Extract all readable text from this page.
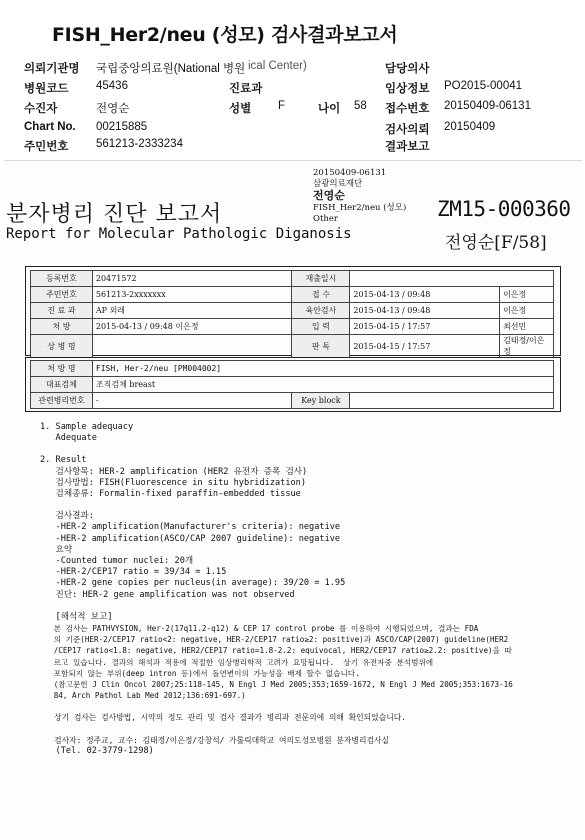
FISH_Her2/neu (성모) 검사결과보고서
의뢰기관명 국립중앙의료원(National 병원 ical Center)	담당의사
병원코드 45436	진료과	임상정보 PO2015-00041
수진자	전영순	성별 F	나이 58 접수번호 20150409-06131
Chart No. 00215885	검사의뢰 20150409
주민번호 561213-2333234	결과보고
20150409-06131
삼광의료재단
전영순
FISH_Her2/neu (성모)
Other
분자병리 진단 보고서
Report for Molecular Pathologic Diganosis
ZM15-000360
전영순[F/58]
등록번호	20471572	재출일시		
주민번호	561213-2xxxxxxx	접 수	2015-04-13 / 09:48	이은정
진 료 과	AP 외래	육안검사	2015-04-13 / 09:48	이은정
처 방	2015-04-13 / 09:48 이은정	입 력	2015-04-15 / 17:57	최선민
상 병 명		판 독	2015-04-15 / 17:57	김태정/이은정
처 방 명	FISH, Her-2/neu [PM004002]		
대표검체	조직검체 breast		
관련병리번호	-	Key block	
1. Sample adequacy
Adequate
2. Result
검사항목: HER-2 amplification (HER2 유전자 증폭 검사)
검사방법: FISH(Fluorescence in situ hybridization)
검체종류: Formalin-fixed paraffin-embedded tissue
검사결과:
-HER-2 amplification(Manufacturer's criteria): negative
-HER-2 amplification(ASCO/CAP 2007 guideline): negative
요약
-Counted tumor nuclei: 20개
-HER-2/CEP17 ratio = 39/34 = 1.15
-HER-2 gene copies per nucleus(in average): 39/20 = 1.95
진단: HER-2 gene amplification was not observed
[해석적 보고]
본 검사는 PATHVYSION, Her-2(17q11.2-q12) & CEP 17 control probe 를 이용하여 시행되었으며, 결과는 FDA
의 기준(HER-2/CEP17 ratio<2: negative, HER-2/CEP17 ratio≥2: positive)과 ASCO/CAP(2007) guideline(HER2
/CEP17 ratio<1.8: negative, HER2/CEP17 ratio=1.8-2.2: equivocal, HER2/CEP17 ratio≥2.2: positive)을 따
르고 있습니다. 결과의 해석과 적용에 적절한 임상병리학적 고려가 요망됩니다.  상기 유전자중 분석범위에
포함되지 않는 부위(deep intron 등)에서 돌연변이의 가능성을 배제 할수 없습니다.
(참고문헌 J Clin Oncol 2007;25:118-145, N Engl J Med 2005;353;1659-1672, N Engl J Med 2005;353:1673-16
84, Arch Pathol Lab Med 2012;136:691-697.)
상기 검사는 검사방법, 시약의 정도 관리 및 검사 결과가 병리과 전문의에 의해 확인되었습니다.
검사자: 정주교, 교수: 김태정/이은정/강창석/ 가톨릭대학교 여의도성모병원 분자병리검사실
(Tel. 02-3779-1298)
